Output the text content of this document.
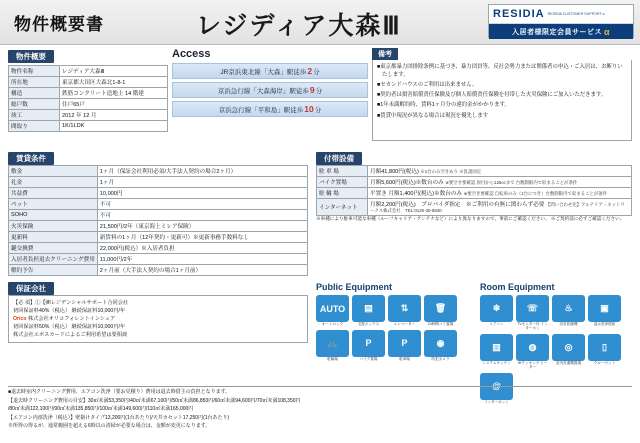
物件概要書	レジディア大森Ⅲ	RESIDIA RESIDIA CUSTOMER SUPPORT α
入居者様限定会員サービス α
物件概要
物件名称	レジディア大森Ⅲ
所在地	東京都大田区大森北1-8-1
構造	鉄筋コンクリート造地上 14 階建
総戸数	住戸65戸
竣工	2012 年 12 月
間取り	1K/1LDK
Access
JR京浜東北線「大森」駅徒歩2分
京浜急行線「大森海岸」駅徒歩9分
京浜急行線「平和島」駅徒歩10分
備考
■東京都暴力団排除条例に基づき、暴力団員等、反社会勢力または関係者の申込・ご入居は、お断りいたします。
■セカンドハウスのご利用は出来ません。
■契約者は損害賠償責任保険及び個人賠償責任保険を付帯した火災保険にご加入いただきます。
■1年未満解約時、賃料1ヶ月分の違約金がかかります。
■賃貸中現況が異なる場合は現況を優先します
賃貸条件
敷金	1ヶ月（保証会社利用必須/大手法人契約の場合2ヶ月）
礼金	1ヶ月
共益費	10,000円
ペット	不可
SOHO	不可
火災保険	21,500円/2年（東京海上ミレア保険）
更新料	新賃料の1ヶ月（12年契約・更新可）※更新事務手数料なし
鍵交換費	22,000円(税込）※入居者負担
入居者負担退去クリーニング費用	11,000円/2年
解約予告	2ヶ月前（大手法人契約の場合1ヶ月前）
付帯設備
駐 車 場	月額41,800円(税込) ※1台のみ空きあり ※汎諸固定
バイク置場	月額5,600円(税込)※数台のみ ※要空き要確認 原付から125ccまで 台数制限内で収まることが条件
駐 輪 場	平置き 月額1,400円(税込)※数台のみ ※要空き要確認 自転車のみ（1台につき）台数制限内で収まることが条件
インターネット	月額2,200円(税込)　プロバイダ指定　※ご利用の有無に関わらず必要 【問い合わせ先】アルテリア・ネットワークス株式会社　TEL:0120-30-5840
※車種により駐車可能な車種（ルーフキャリア・アンテナなど）により異なりますので、事前にご確認ください。 ※ご契約前に必ずご確認ください。
保証会社
【必 須】①【㈱レジデンシャルサポート合同会社
初回保証料40%（税込） 継続保証料10,000円/年
Orico 株式会社オリコフォレントインシュア
初回保証料50%（税込） 継続保証料10,000円/年
株式会社エポスカードによるご利用希望は要相談
Public Equipment
AUTO
オートロック
▤
宅配ボックス
⇅
エレベーター
🗑
24時間ゴミ置場
🚲
駐輪場
P
バイク置場
P
駐車場
◉
防犯カメラ
Room Equipment
❄
エアコン
☏
TVモニター付 インターホン
♨
浴室乾燥機
▣
温水洗浄便座
▥
システムキッチン
◍
IHクッキング ヒーター
◎
室内洗濯機置場
▯
クローゼット
@
インターネット
■退去時室内クリーニング費用、エアコン洗浄（要お見積り）費用は退去時借主の負担となります。
【退去時クリーニング費用の目安】30㎡未満53,350円/40㎡未満67,100円/50㎡未満86,850円/60㎡未満94,600円/70㎡未満108,350円
/80㎡未満122,100円/90㎡未満135,850円/100㎡未満149,600円/110㎡未満165,000円
【エアコン内部洗浄（税込）】壁掛けタイプ13,200円(1台あたり)/天井カセット17,250円(1台あたり)
※所得の得るが、通常範囲を超える6時以の清掃が必要な場合は、金額が変更になります。
